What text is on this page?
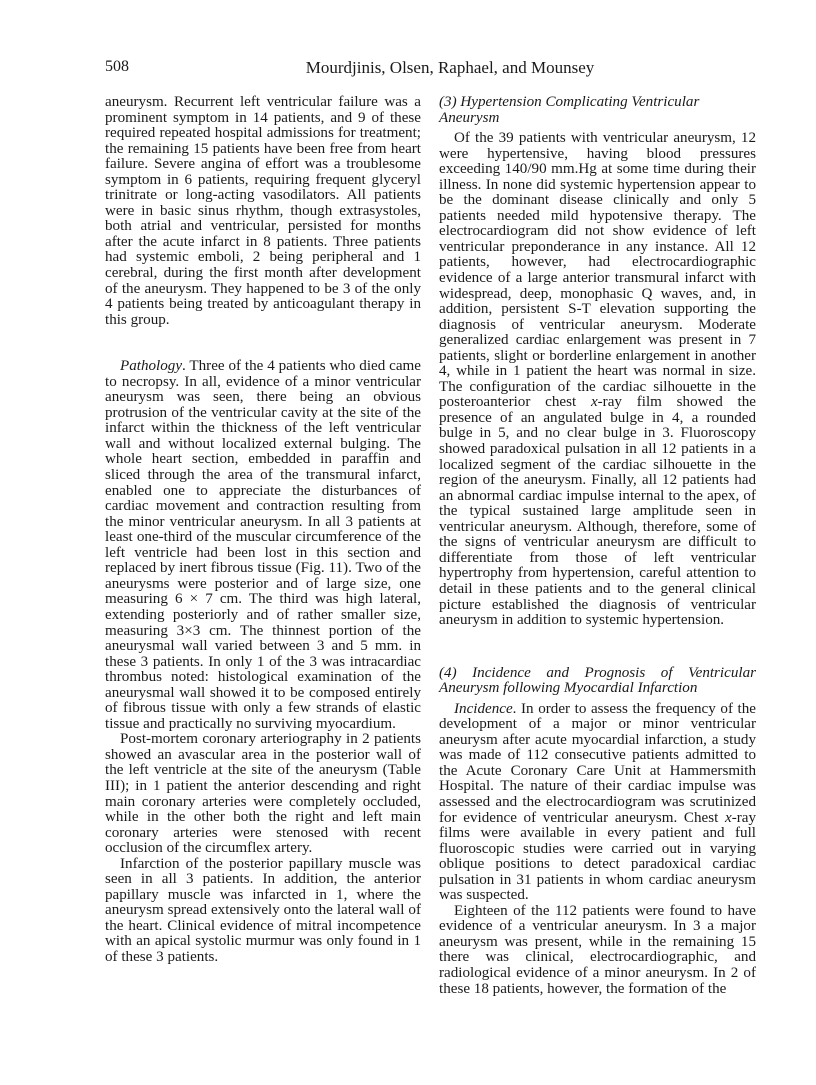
508	Mourdjinis, Olsen, Raphael, and Mounsey

aneurysm. Recurrent left ventricular failure was a prominent symptom in 14 patients, and 9 of these required repeated hospital admissions for treatment; the remaining 15 patients have been free from heart failure. Severe angina of effort was a troublesome symptom in 6 patients, requiring frequent glyceryl trinitrate or long-acting vasodilators. All patients were in basic sinus rhythm, though extrasystoles, both atrial and ventricular, persisted for months after the acute infarct in 8 patients. Three patients had systemic emboli, 2 being peripheral and 1 cerebral, during the first month after development of the aneurysm. They happened to be 3 of the only 4 patients being treated by anticoagulant therapy in this group.

Pathology. Three of the 4 patients who died came to necropsy. In all, evidence of a minor ventricular aneurysm was seen, there being an obvious protrusion of the ventricular cavity at the site of the infarct within the thickness of the left ventricular wall and without localized external bulging. The whole heart section, embedded in paraffin and sliced through the area of the transmural infarct, enabled one to appreciate the disturbances of cardiac movement and contraction resulting from the minor ventricular aneurysm. In all 3 patients at least one-third of the muscular circumference of the left ventricle had been lost in this section and replaced by inert fibrous tissue (Fig. 11). Two of the aneurysms were posterior and of large size, one measuring 6 × 7 cm. The third was high lateral, extending posteriorly and of rather smaller size, measuring 3×3 cm. The thinnest portion of the aneurysmal wall varied between 3 and 5 mm. in these 3 patients. In only 1 of the 3 was intracardiac thrombus noted: histological examination of the aneurysmal wall showed it to be composed entirely of fibrous tissue with only a few strands of elastic tissue and practically no surviving myocardium.

Post-mortem coronary arteriography in 2 patients showed an avascular area in the posterior wall of the left ventricle at the site of the aneurysm (Table III); in 1 patient the anterior descending and right main coronary arteries were completely occluded, while in the other both the right and left main coronary arteries were stenosed with recent occlusion of the circumflex artery.

Infarction of the posterior papillary muscle was seen in all 3 patients. In addition, the anterior papillary muscle was infarcted in 1, where the aneurysm spread extensively onto the lateral wall of the heart. Clinical evidence of mitral incompetence with an apical systolic murmur was only found in 1 of these 3 patients.

(3) Hypertension Complicating Ventricular Aneurysm

Of the 39 patients with ventricular aneurysm, 12 were hypertensive, having blood pressures exceeding 140/90 mm.Hg at some time during their illness. In none did systemic hypertension appear to be the dominant disease clinically and only 5 patients needed mild hypotensive therapy. The electrocardiogram did not show evidence of left ventricular preponderance in any instance. All 12 patients, however, had electrocardiographic evidence of a large anterior transmural infarct with widespread, deep, monophasic Q waves, and, in addition, persistent S-T elevation supporting the diagnosis of ventricular aneurysm. Moderate generalized cardiac enlargement was present in 7 patients, slight or borderline enlargement in another 4, while in 1 patient the heart was normal in size. The configuration of the cardiac silhouette in the posteroanterior chest x-ray film showed the presence of an angulated bulge in 4, a rounded bulge in 5, and no clear bulge in 3. Fluoroscopy showed paradoxical pulsation in all 12 patients in a localized segment of the cardiac silhouette in the region of the aneurysm. Finally, all 12 patients had an abnormal cardiac impulse internal to the apex, of the typical sustained large amplitude seen in ventricular aneurysm. Although, therefore, some of the signs of ventricular aneurysm are difficult to differentiate from those of left ventricular hypertrophy from hypertension, careful attention to detail in these patients and to the general clinical picture established the diagnosis of ventricular aneurysm in addition to systemic hypertension.

(4) Incidence and Prognosis of Ventricular Aneurysm following Myocardial Infarction

Incidence. In order to assess the frequency of the development of a major or minor ventricular aneurysm after acute myocardial infarction, a study was made of 112 consecutive patients admitted to the Acute Coronary Care Unit at Hammersmith Hospital. The nature of their cardiac impulse was assessed and the electrocardiogram was scrutinized for evidence of ventricular aneurysm. Chest x-ray films were available in every patient and full fluoroscopic studies were carried out in varying oblique positions to detect paradoxical cardiac pulsation in 31 patients in whom cardiac aneurysm was suspected.

Eighteen of the 112 patients were found to have evidence of a ventricular aneurysm. In 3 a major aneurysm was present, while in the remaining 15 there was clinical, electrocardiographic, and radiological evidence of a minor aneurysm. In 2 of these 18 patients, however, the formation of the
